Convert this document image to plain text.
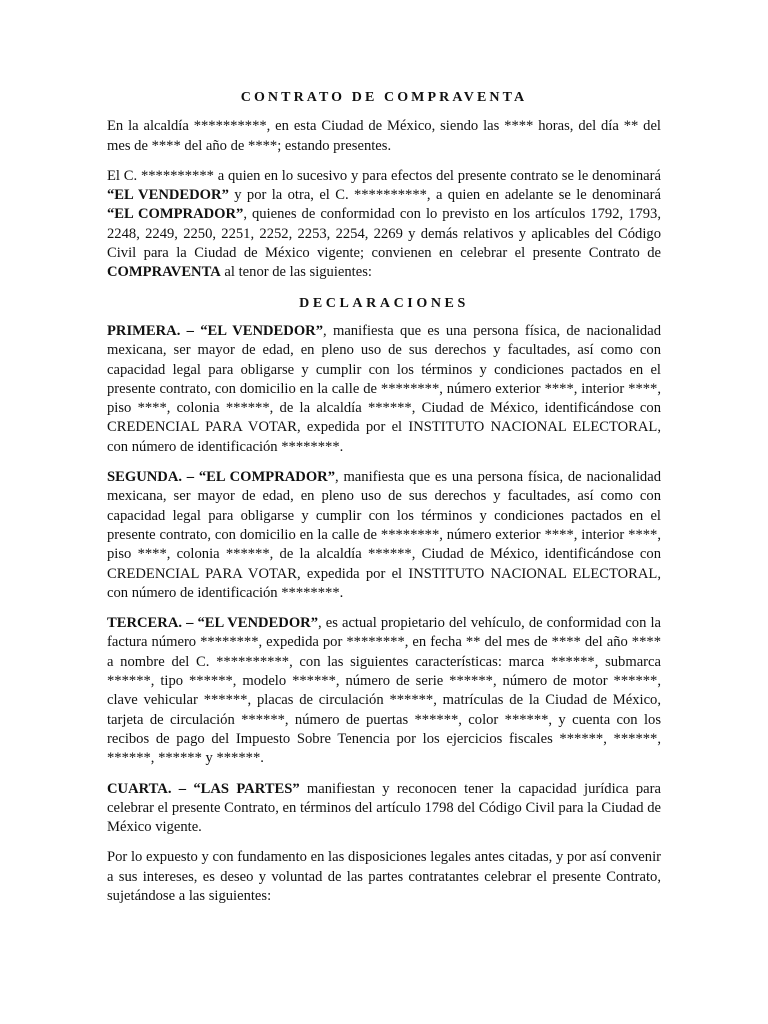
CONTRATO DE COMPRAVENTA

En la alcaldía **********, en esta Ciudad de México, siendo las **** horas, del día ** del mes de **** del año de ****; estando presentes.

El C. ********** a quien en lo sucesivo y para efectos del presente contrato se le denominará “EL VENDEDOR” y por la otra, el C. **********, a quien en adelante se le denominará “EL COMPRADOR”, quienes de conformidad con lo previsto en los artículos 1792, 1793, 2248, 2249, 2250, 2251, 2252, 2253, 2254, 2269 y demás relativos y aplicables del Código Civil para la Ciudad de México vigente; convienen en celebrar el presente Contrato de COMPRAVENTA al tenor de las siguientes:

DECLARACIONES

PRIMERA. – “EL VENDEDOR”, manifiesta que es una persona física, de nacionalidad mexicana, ser mayor de edad, en pleno uso de sus derechos y facultades, así como con capacidad legal para obligarse y cumplir con los términos y condiciones pactados en el presente contrato, con domicilio en la calle de ********, número exterior ****, interior ****, piso ****, colonia ******, de la alcaldía ******, Ciudad de México, identificándose con CREDENCIAL PARA VOTAR, expedida por el INSTITUTO NACIONAL ELECTORAL, con número de identificación ********.

SEGUNDA. – “EL COMPRADOR”, manifiesta que es una persona física, de nacionalidad mexicana, ser mayor de edad, en pleno uso de sus derechos y facultades, así como con capacidad legal para obligarse y cumplir con los términos y condiciones pactados en el presente contrato, con domicilio en la calle de ********, número exterior ****, interior ****, piso ****, colonia ******, de la alcaldía ******, Ciudad de México, identificándose con CREDENCIAL PARA VOTAR, expedida por el INSTITUTO NACIONAL ELECTORAL, con número de identificación ********.

TERCERA. – “EL VENDEDOR”, es actual propietario del vehículo, de conformidad con la factura número ********, expedida por ********, en fecha ** del mes de **** del año **** a nombre del C. **********, con las siguientes características: marca ******, submarca ******, tipo ******, modelo ******, número de serie ******, número de motor ******, clave vehicular ******, placas de circulación ******, matrículas de la Ciudad de México, tarjeta de circulación ******, número de puertas ******, color ******, y cuenta con los recibos de pago del Impuesto Sobre Tenencia por los ejercicios fiscales ******, ******, ******, ****** y ******.

CUARTA. – “LAS PARTES” manifiestan y reconocen tener la capacidad jurídica para celebrar el presente Contrato, en términos del artículo 1798 del Código Civil para la Ciudad de México vigente.

Por lo expuesto y con fundamento en las disposiciones legales antes citadas, y por así convenir a sus intereses, es deseo y voluntad de las partes contratantes celebrar el presente Contrato, sujetándose a las siguientes:
